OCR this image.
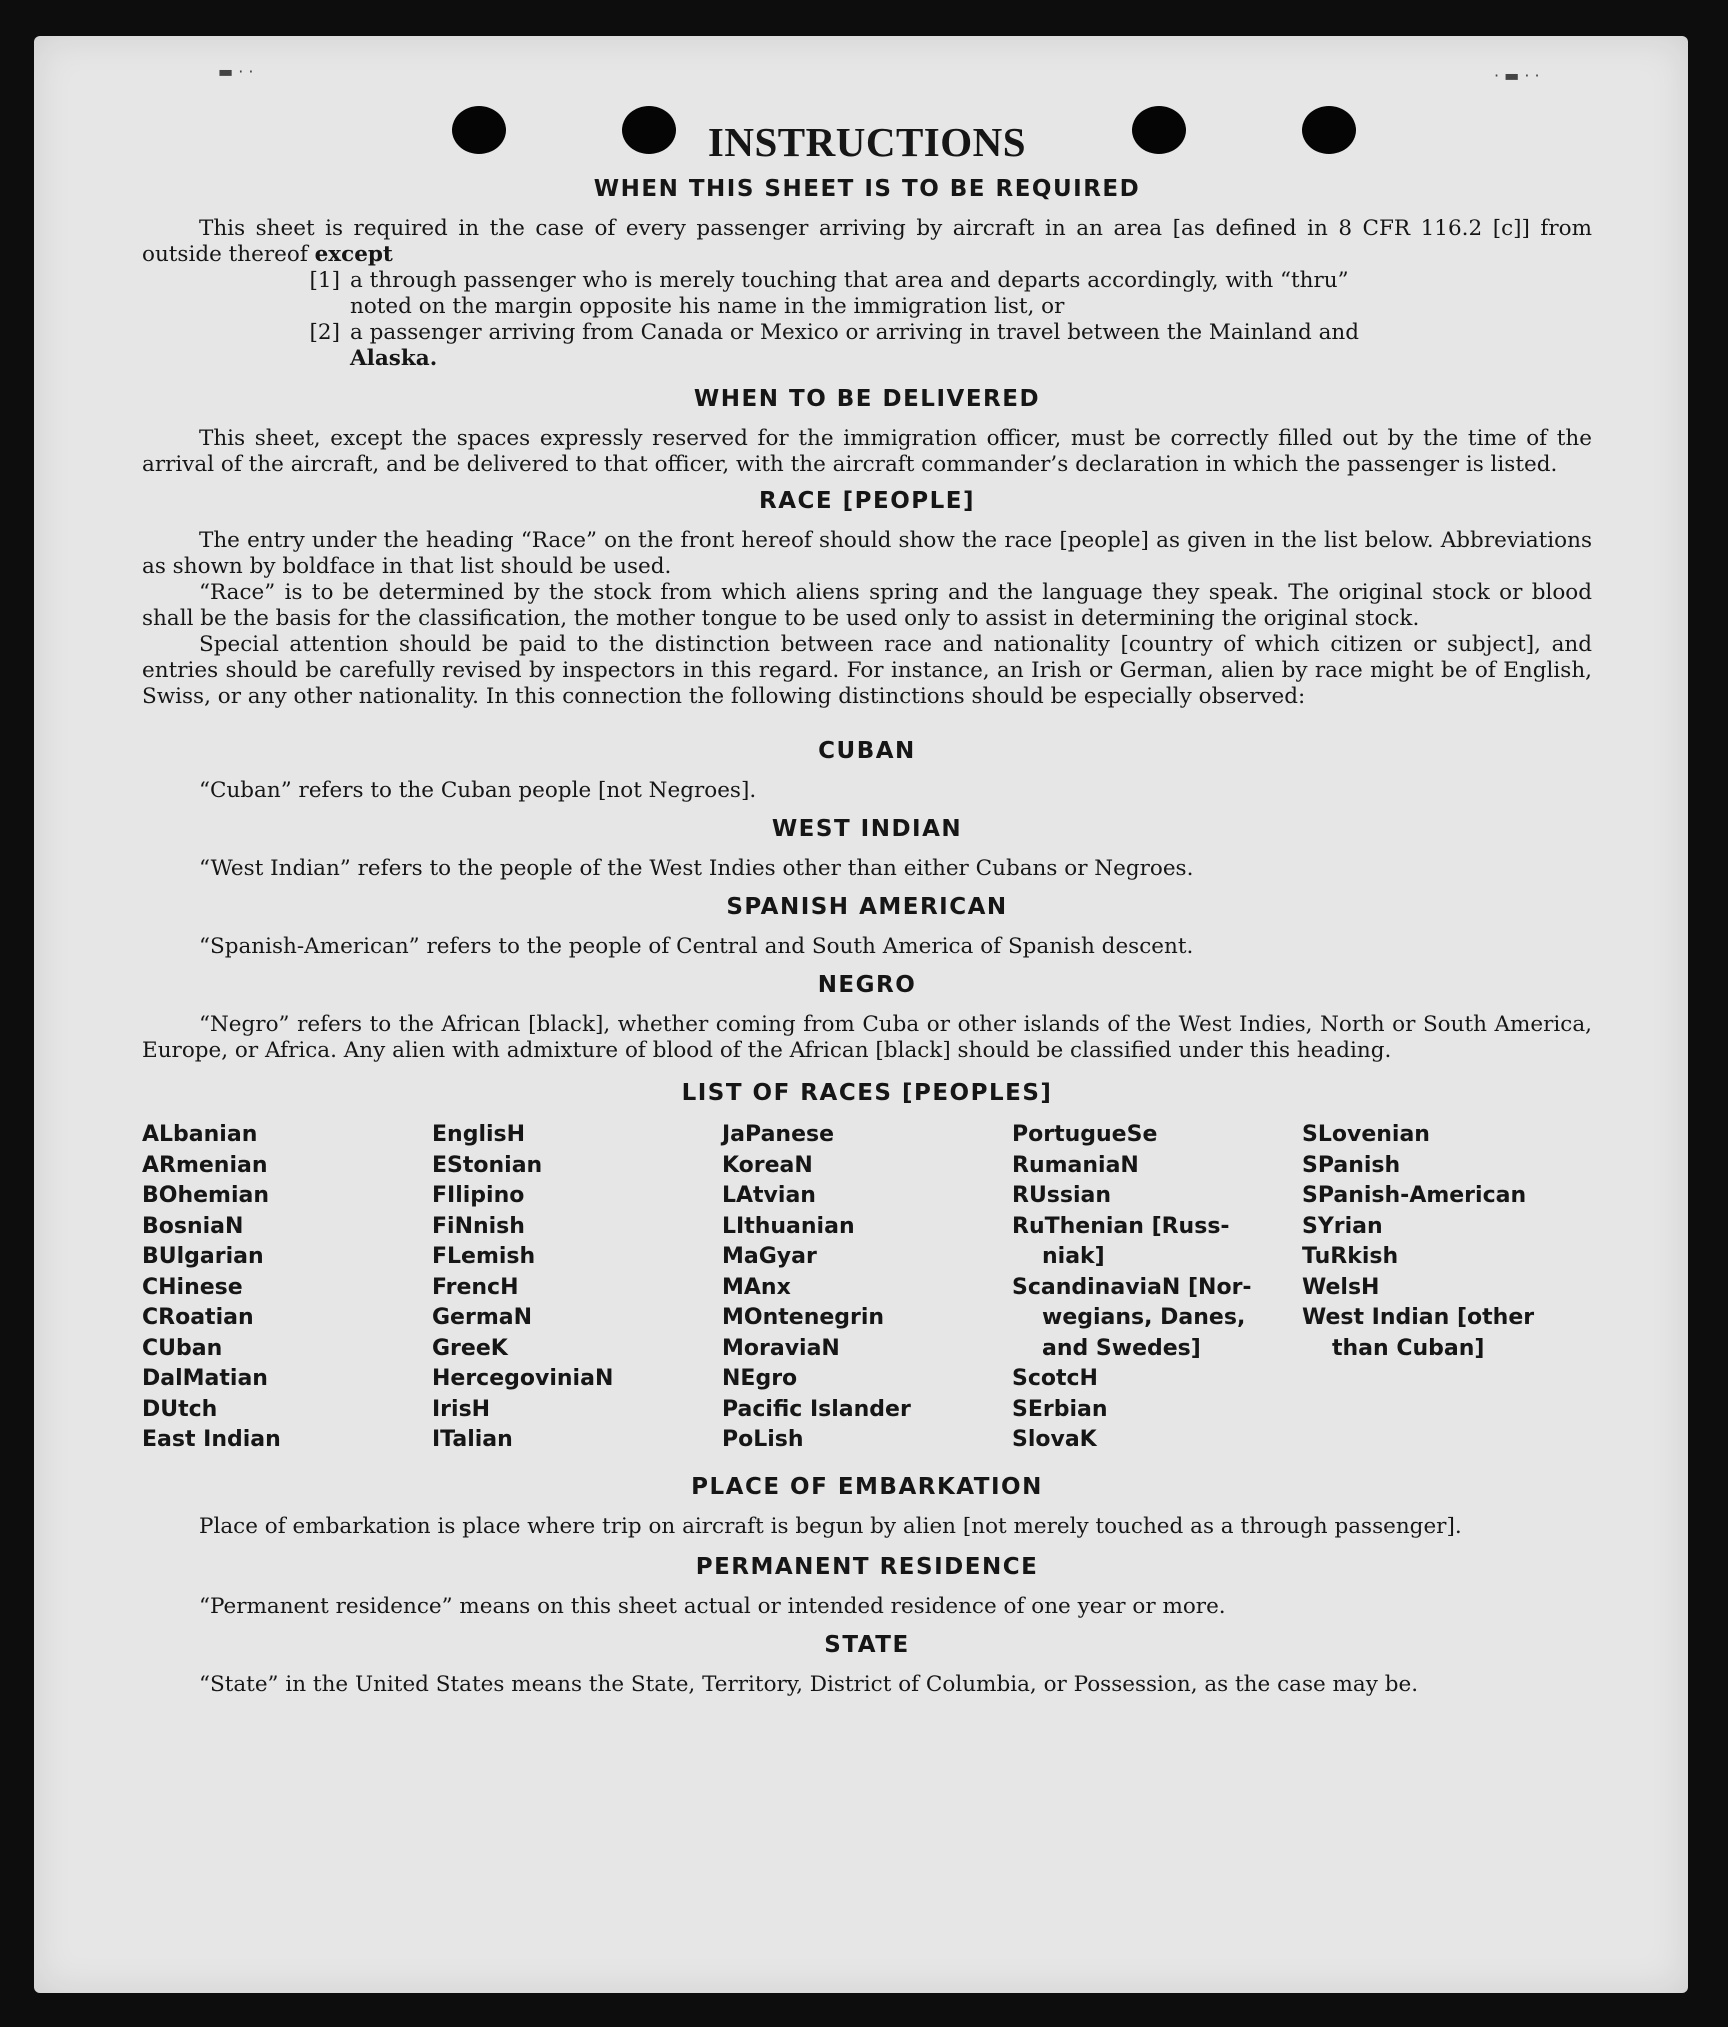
▬ · ·	· ▬ · ·
INSTRUCTIONS
WHEN THIS SHEET IS TO BE REQUIRED

This sheet is required in the case of every passenger arriving by aircraft in an area [as defined in 8 CFR 116.2 [c]] from outside thereof except

[1] a through passenger who is merely touching that area and departs accordingly, with “thru”
noted on the margin opposite his name in the immigration list, or
[2] a passenger arriving from Canada or Mexico or arriving in travel between the Mainland and
Alaska.
WHEN TO BE DELIVERED

This sheet, except the spaces expressly reserved for the immigration officer, must be correctly filled out by the time of the arrival of the aircraft, and be delivered to that officer, with the aircraft commander’s declaration in which the passenger is listed.

RACE [PEOPLE]

The entry under the heading “Race” on the front hereof should show the race [people] as given in the list below. Abbreviations as shown by boldface in that list should be used.

“Race” is to be determined by the stock from which aliens spring and the language they speak. The original stock or blood shall be the basis for the classification, the mother tongue to be used only to assist in determining the original stock.

Special attention should be paid to the distinction between race and nationality [country of which citizen or subject], and entries should be carefully revised by inspectors in this regard. For instance, an Irish or German, alien by race might be of English, Swiss, or any other nationality. In this connection the following distinctions should be especially observed:

CUBAN
“Cuban” refers to the Cuban people [not Negroes].
WEST INDIAN
“West Indian” refers to the people of the West Indies other than either Cubans or Negroes.
SPANISH AMERICAN
“Spanish-American” refers to the people of Central and South America of Spanish descent.
NEGRO

“Negro” refers to the African [black], whether coming from Cuba or other islands of the West Indies, North or South America, Europe, or Africa. Any alien with admixture of blood of the African [black] should be classified under this heading.

LIST OF RACES [PEOPLES]
ALbanian
ARmenian
BOhemian
BosniaN
BUlgarian
CHinese
CRoatian
CUban
DalMatian
DUtch
East Indian
EnglisH
EStonian
FIlipino
FiNnish
FLemish
FrencH
GermaN
GreeK
HercegoviniaN
IrisH
ITalian
JaPanese
KoreaN
LAtvian
LIthuanian
MaGyar
MAnx
MOntenegrin
MoraviaN
NEgro
Pacific Islander
PoLish
PortugueSe
RumaniaN
RUssian
RuThenian [Russ-
niak]
ScandinaviaN [Nor-
wegians, Danes,
and Swedes]
ScotcH
SErbian
SlovaK
SLovenian
SPanish
SPanish-American
SYrian
TuRkish
WelsH
West Indian [other
than Cuban]
PLACE OF EMBARKATION

Place of embarkation is place where trip on aircraft is begun by alien [not merely touched as a through passenger].

PERMANENT RESIDENCE
“Permanent residence” means on this sheet actual or intended residence of one year or more.
STATE

“State” in the United States means the State, Territory, District of Columbia, or Possession, as the case may be.
